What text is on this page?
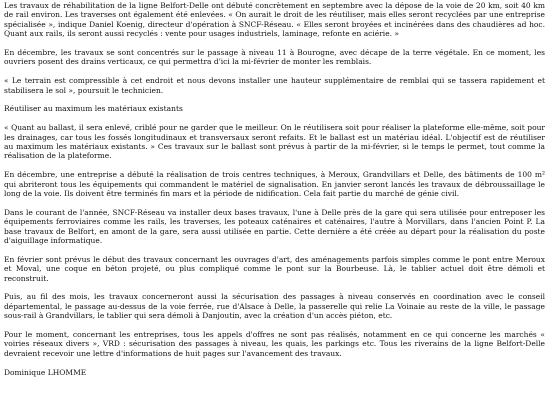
Les travaux de réhabilitation de la ligne Belfort-Delle ont débuté concrètement en septembre avec la dépose de la voie de 20 km, soit 40 km de rail environ. Les traverses ont également été enlevées. « On aurait le droit de les réutiliser, mais elles seront recyclées par une entreprise spécialisée », indique Daniel Koenig, directeur d'opération à SNCF-Réseau. « Elles seront broyées et incinérées dans des chaudières ad hoc. Quant aux rails, ils seront aussi recyclés : vente pour usages industriels, laminage, refonte en aciérie. »

En décembre, les travaux se sont concentrés sur le passage à niveau 11 à Bourogne, avec décape de la terre végétale. En ce moment, les ouvriers posent des drains verticaux, ce qui permettra d'ici la mi-février de monter les remblais.

« Le terrain est compressible à cet endroit et nous devons installer une hauteur supplémentaire de remblai qui se tassera rapidement et stabilisera le sol », poursuit le technicien.

Réutiliser au maximum les matériaux existants

« Quant au ballast, il sera enlevé, criblé pour ne garder que le meilleur. On le réutilisera soit pour réaliser la plateforme elle-même, soit pour les drainages, car tous les fossés longitudinaux et transversaux seront refaits. Et le ballast est un matériau idéal. L'objectif est de réutiliser au maximum les matériaux existants. » Ces travaux sur le ballast sont prévus à partir de la mi-février, si le temps le permet, tout comme la réalisation de la plateforme.

En décembre, une entreprise a débuté la réalisation de trois centres techniques, à Meroux, Grandvillars et Delle, des bâtiments de 100 m² qui abriteront tous les équipements qui commandent le matériel de signalisation. En janvier seront lancés les travaux de débroussaillage le long de la voie. Ils doivent être terminés fin mars et la période de nidification. Cela fait partie du marché de génie civil.

Dans le courant de l'année, SNCF-Réseau va installer deux bases travaux, l'une à Delle près de la gare qui sera utilisée pour entreposer les équipements ferroviaires comme les rails, les traverses, les poteaux caténaires et caténaires, l'autre à Morvillars, dans l'ancien Point P. La base travaux de Belfort, en amont de la gare, sera aussi utilisée en partie. Cette dernière a été créée au départ pour la réalisation du poste d'aiguillage informatique.

En février sont prévus le début des travaux concernant les ouvrages d'art, des aménagements parfois simples comme le pont entre Meroux et Moval, une coque en béton projeté, ou plus compliqué comme le pont sur la Bourbeuse. Là, le tablier actuel doit être démoli et reconstruit.

Puis, au fil des mois, les travaux concerneront aussi la sécurisation des passages à niveau conservés en coordination avec le conseil départemental, le passage au-dessus de la voie ferrée, rue d'Alsace à Delle, la passerelle qui relie La Voinaie au reste de la ville, le passage sous-rail à Grandvillars, le tablier qui sera démoli à Danjoutin, avec la création d'un accès piéton, etc.

Pour le moment, concernant les entreprises, tous les appels d'offres ne sont pas réalisés, notamment en ce qui concerne les marchés « voiries réseaux divers », VRD : sécurisation des passages à niveau, les quais, les parkings etc. Tous les riverains de la ligne Belfort-Delle devraient recevoir une lettre d'informations de huit pages sur l'avancement des travaux.

Dominique LHOMME
